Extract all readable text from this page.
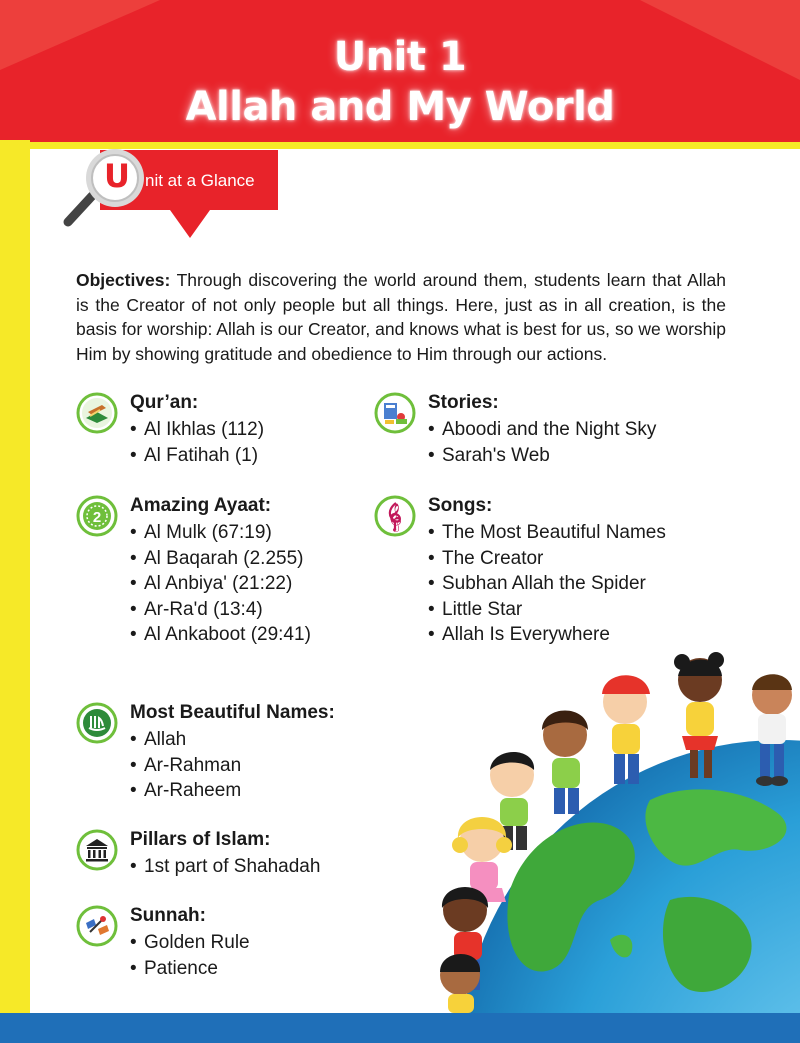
Unit 1
Allah and My World
U nit at a Glance

Objectives: Through discovering the world around them, students learn that Allah is the Creator of not only people but all things. Here, just as in all creation, is the basis for worship: Allah is our Creator, and knows what is best for us, so we worship Him by showing gratitude and obedience to Him through our actions.

Qur’an:
• Al Ikhlas (112)
• Al Fatihah (1)
2
Amazing Ayaat:
• Al Mulk (67:19)
• Al Baqarah (2.255)
• Al Anbiya' (21:22)
• Ar-Ra'd (13:4)
• Al Ankaboot (29:41)
Most Beautiful Names:
• Allah
• Ar-Rahman
• Ar-Raheem
Pillars of Islam:
• 1st part of Shahadah
Sunnah:
• Golden Rule
• Patience
Stories:
• Aboodi and the Night Sky
• Sarah's Web
𝄞 Songs:
• The Most Beautiful Names
• The Creator
• Subhan Allah the Spider
• Little Star
• Allah Is Everywhere
